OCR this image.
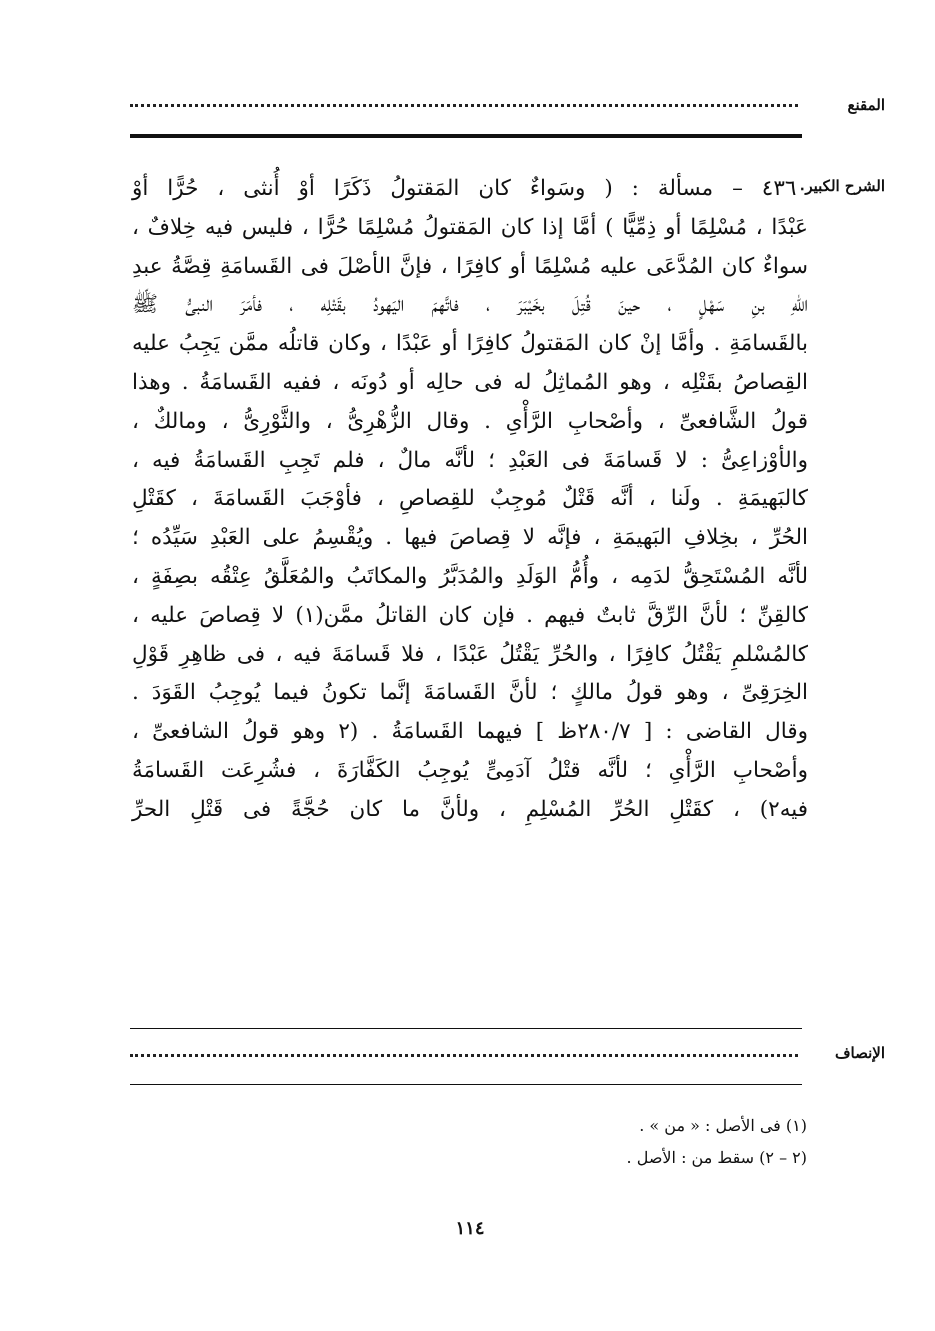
المقنع
الشرح الكبير
٤٣٦٠ – مسألة : ( وسَواءٌ كان المَقتولُ ذَكَرًا أوْ أُنثى ، حُرًّا أوْ
عَبْدًا ، مُسْلِمًا أو ذِمِّيًّا ) أمَّا إذا كان المَقتولُ مُسْلِمًا حُرًّا ، فليس فيه خِلافٌ ،
سواءٌ كان المُدَّعَى عليه مُسْلِمًا أو كافِرًا ، فإنَّ الأصْلَ فى القَسامَةِ قِصَّةُ عبدِ
اللهِ بنِ سَهْلٍ ، حينَ قُتِلَ بخَيْبَرَ ، فاتَّهمَ اليَهودُ بقَتْلِه ، فأمَرَ النبىُّ ﷺ
بالقَسامَةِ . وأمَّا إنْ كان المَقتولُ كافِرًا أو عَبْدًا ، وكان قاتلُه ممَّن يَجِبُ عليه
القِصاصُ بقَتْلِه ، وهو المُماثِلُ له فى حالِه أو دُونَه ، ففيه القَسامَةُ . وهذا
قولُ الشَّافعىِّ ، وأصْحابِ الرَّأْىِ . وقال الزُّهْرِىُّ ، والثَّوْرِىُّ ، ومالكٌ ،
والأوْزاعِىُّ : لا قَسامَةَ فى العَبْدِ ؛ لأنَّه مالٌ ، فلم تَجِبِ القَسامَةُ فيه ،
كالبَهيمَةِ . ولَنا ، أنَّه قَتْلٌ مُوجِبٌ للقِصاصِ ، فأوْجَبَ القَسامَةَ ، كقَتْلِ
الحُرِّ ، بخِلافِ البَهيمَةِ ، فإنَّه لا قِصاصَ فيها . ويُقْسِمُ على العَبْدِ سَيِّدُه ؛
لأنَّه المُسْتَحِقُّ لدَمِه ، وأُمُّ الوَلَدِ والمُدَبَّرُ والمكاتَبُ والمُعَلَّقُ عِتْقُه بصِفَةٍ ،
كالقِنِّ ؛ لأنَّ الرِّقَّ ثابتٌ فيهم . فإن كان القاتلُ ممَّن(١) لا قِصاصَ عليه ،
كالمُسْلمِ يَقْتُلُ كافِرًا ، والحُرِّ يَقْتُلُ عَبْدًا ، فلا قَسامَةَ فيه ، فى ظاهِرِ قَوْلِ
الخِرَقِىِّ ، وهو قولُ مالكٍ ؛ لأنَّ القَسامَةَ إنَّما تكونُ فيما يُوجِبُ القَوَدَ .
وقال القاضى : [ ٢٨٠/٧ظ ] فيهما القَسامَةُ . (٢ وهو قولُ الشافعىِّ ،
وأصْحابِ الرَّأْىِ ؛ لأنَّه قتْلُ آدَمِىٍّ يُوجِبُ الكَفَّارَةَ ، فشُرِعَت القَسامَةُ
فيه٢) ، كقَتْلِ الحُرِّ المُسْلِمِ ، ولأنَّ ما كان حُجَّةً فى قَتْلِ الحرِّ
الإنصاف
(١) فى الأصل : « من » .
(٢ – ٢) سقط من : الأصل .
١١٤
